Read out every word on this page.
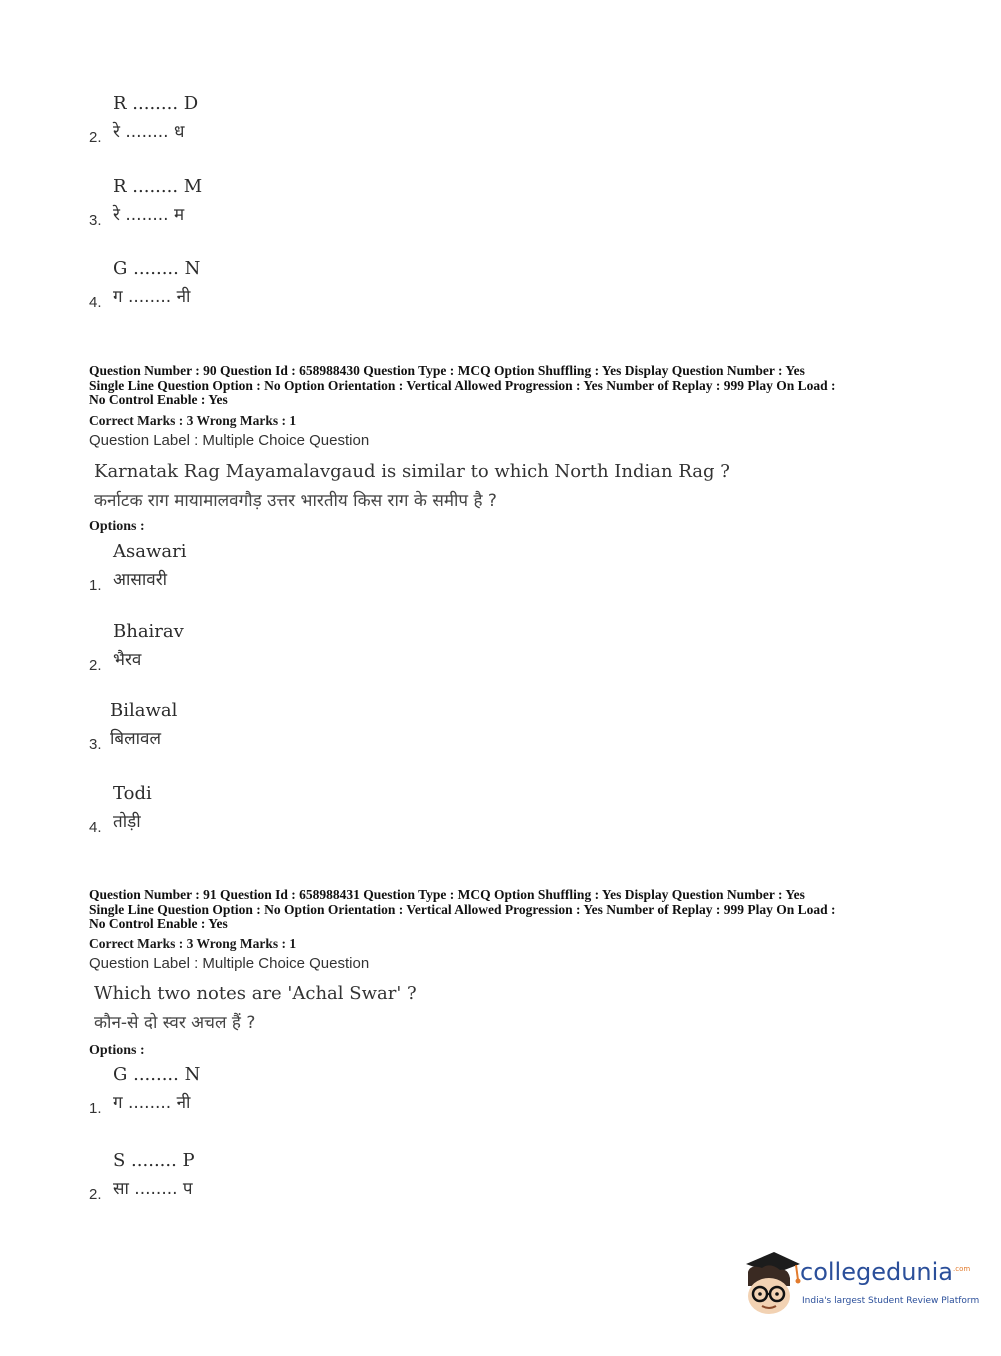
R ........ D
रे ........ ध
2.
R ........ M
रे ........ म
3.
G ........ N
ग ........ नी
4.
Question Number : 90 Question Id : 658988430 Question Type : MCQ Option Shuffling : Yes Display Question Number : Yes
Single Line Question Option : No Option Orientation : Vertical Allowed Progression : Yes Number of Replay : 999 Play On Load :
No Control Enable : Yes
Correct Marks : 3 Wrong Marks : 1
Question Label : Multiple Choice Question
Karnatak Rag Mayamalavgaud is similar to which North Indian Rag ?
कर्नाटक राग मायामालवगौड़ उत्तर भारतीय किस राग के समीप है ?
Options :
Asawari
आसावरी
1.
Bhairav
भैरव
2.
Bilawal
बिलावल
3.
Todi
तोड़ी
4.
Question Number : 91 Question Id : 658988431 Question Type : MCQ Option Shuffling : Yes Display Question Number : Yes
Single Line Question Option : No Option Orientation : Vertical Allowed Progression : Yes Number of Replay : 999 Play On Load :
No Control Enable : Yes
Correct Marks : 3 Wrong Marks : 1
Question Label : Multiple Choice Question
Which two notes are 'Achal Swar' ?
कौन-से दो स्वर अचल हैं ?
Options :
G ........ N
ग ........ नी
1.
S ........ P
सा ........ प
2.
collegedunia$^{.com}$
India's largest Student Review Platform
